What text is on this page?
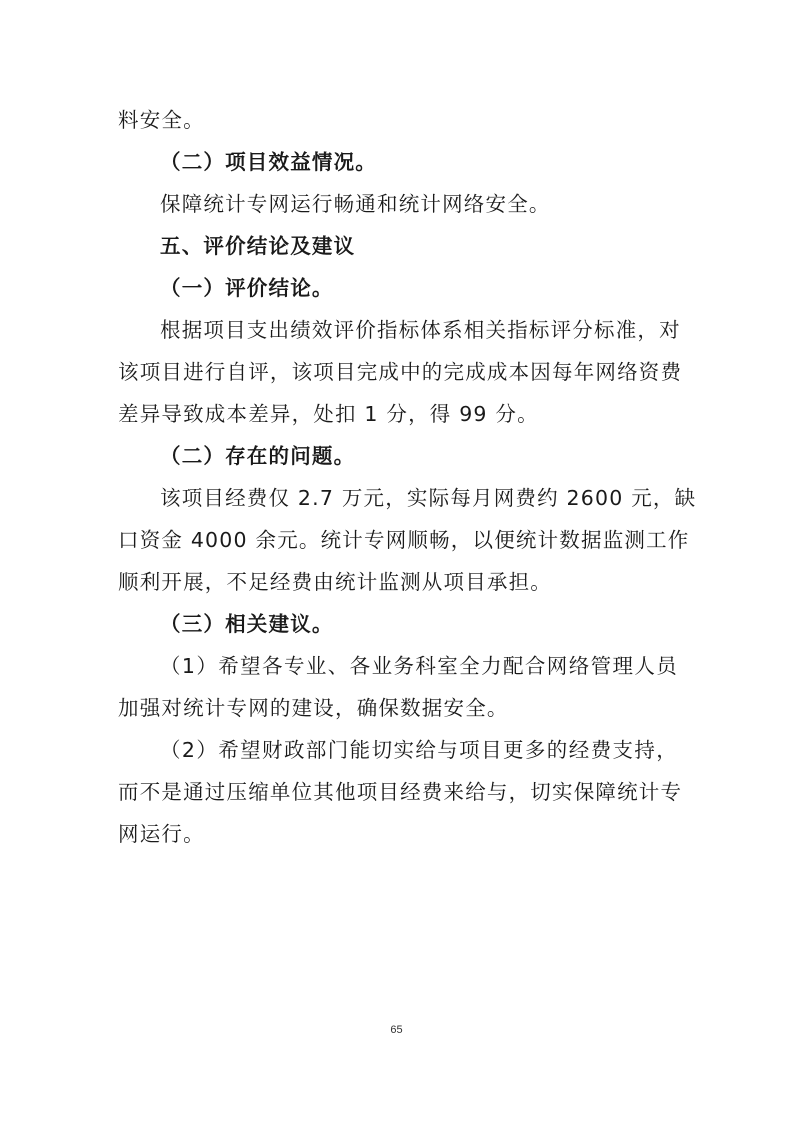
料安全。
（二）项目效益情况。
保障统计专网运行畅通和统计网络安全。
五、评价结论及建议
（一）评价结论。
根据项目支出绩效评价指标体系相关指标评分标准，对
该项目进行自评，该项目完成中的完成成本因每年网络资费
差异导致成本差异，处扣 1 分，得 99 分。
（二）存在的问题。
该项目经费仅 2.7 万元，实际每月网费约 2600 元，缺
口资金 4000 余元。统计专网顺畅，以便统计数据监测工作
顺利开展，不足经费由统计监测从项目承担。
（三）相关建议。
（1）希望各专业、各业务科室全力配合网络管理人员
加强对统计专网的建设，确保数据安全。
（2）希望财政部门能切实给与项目更多的经费支持，
而不是通过压缩单位其他项目经费来给与，切实保障统计专
网运行。
65
